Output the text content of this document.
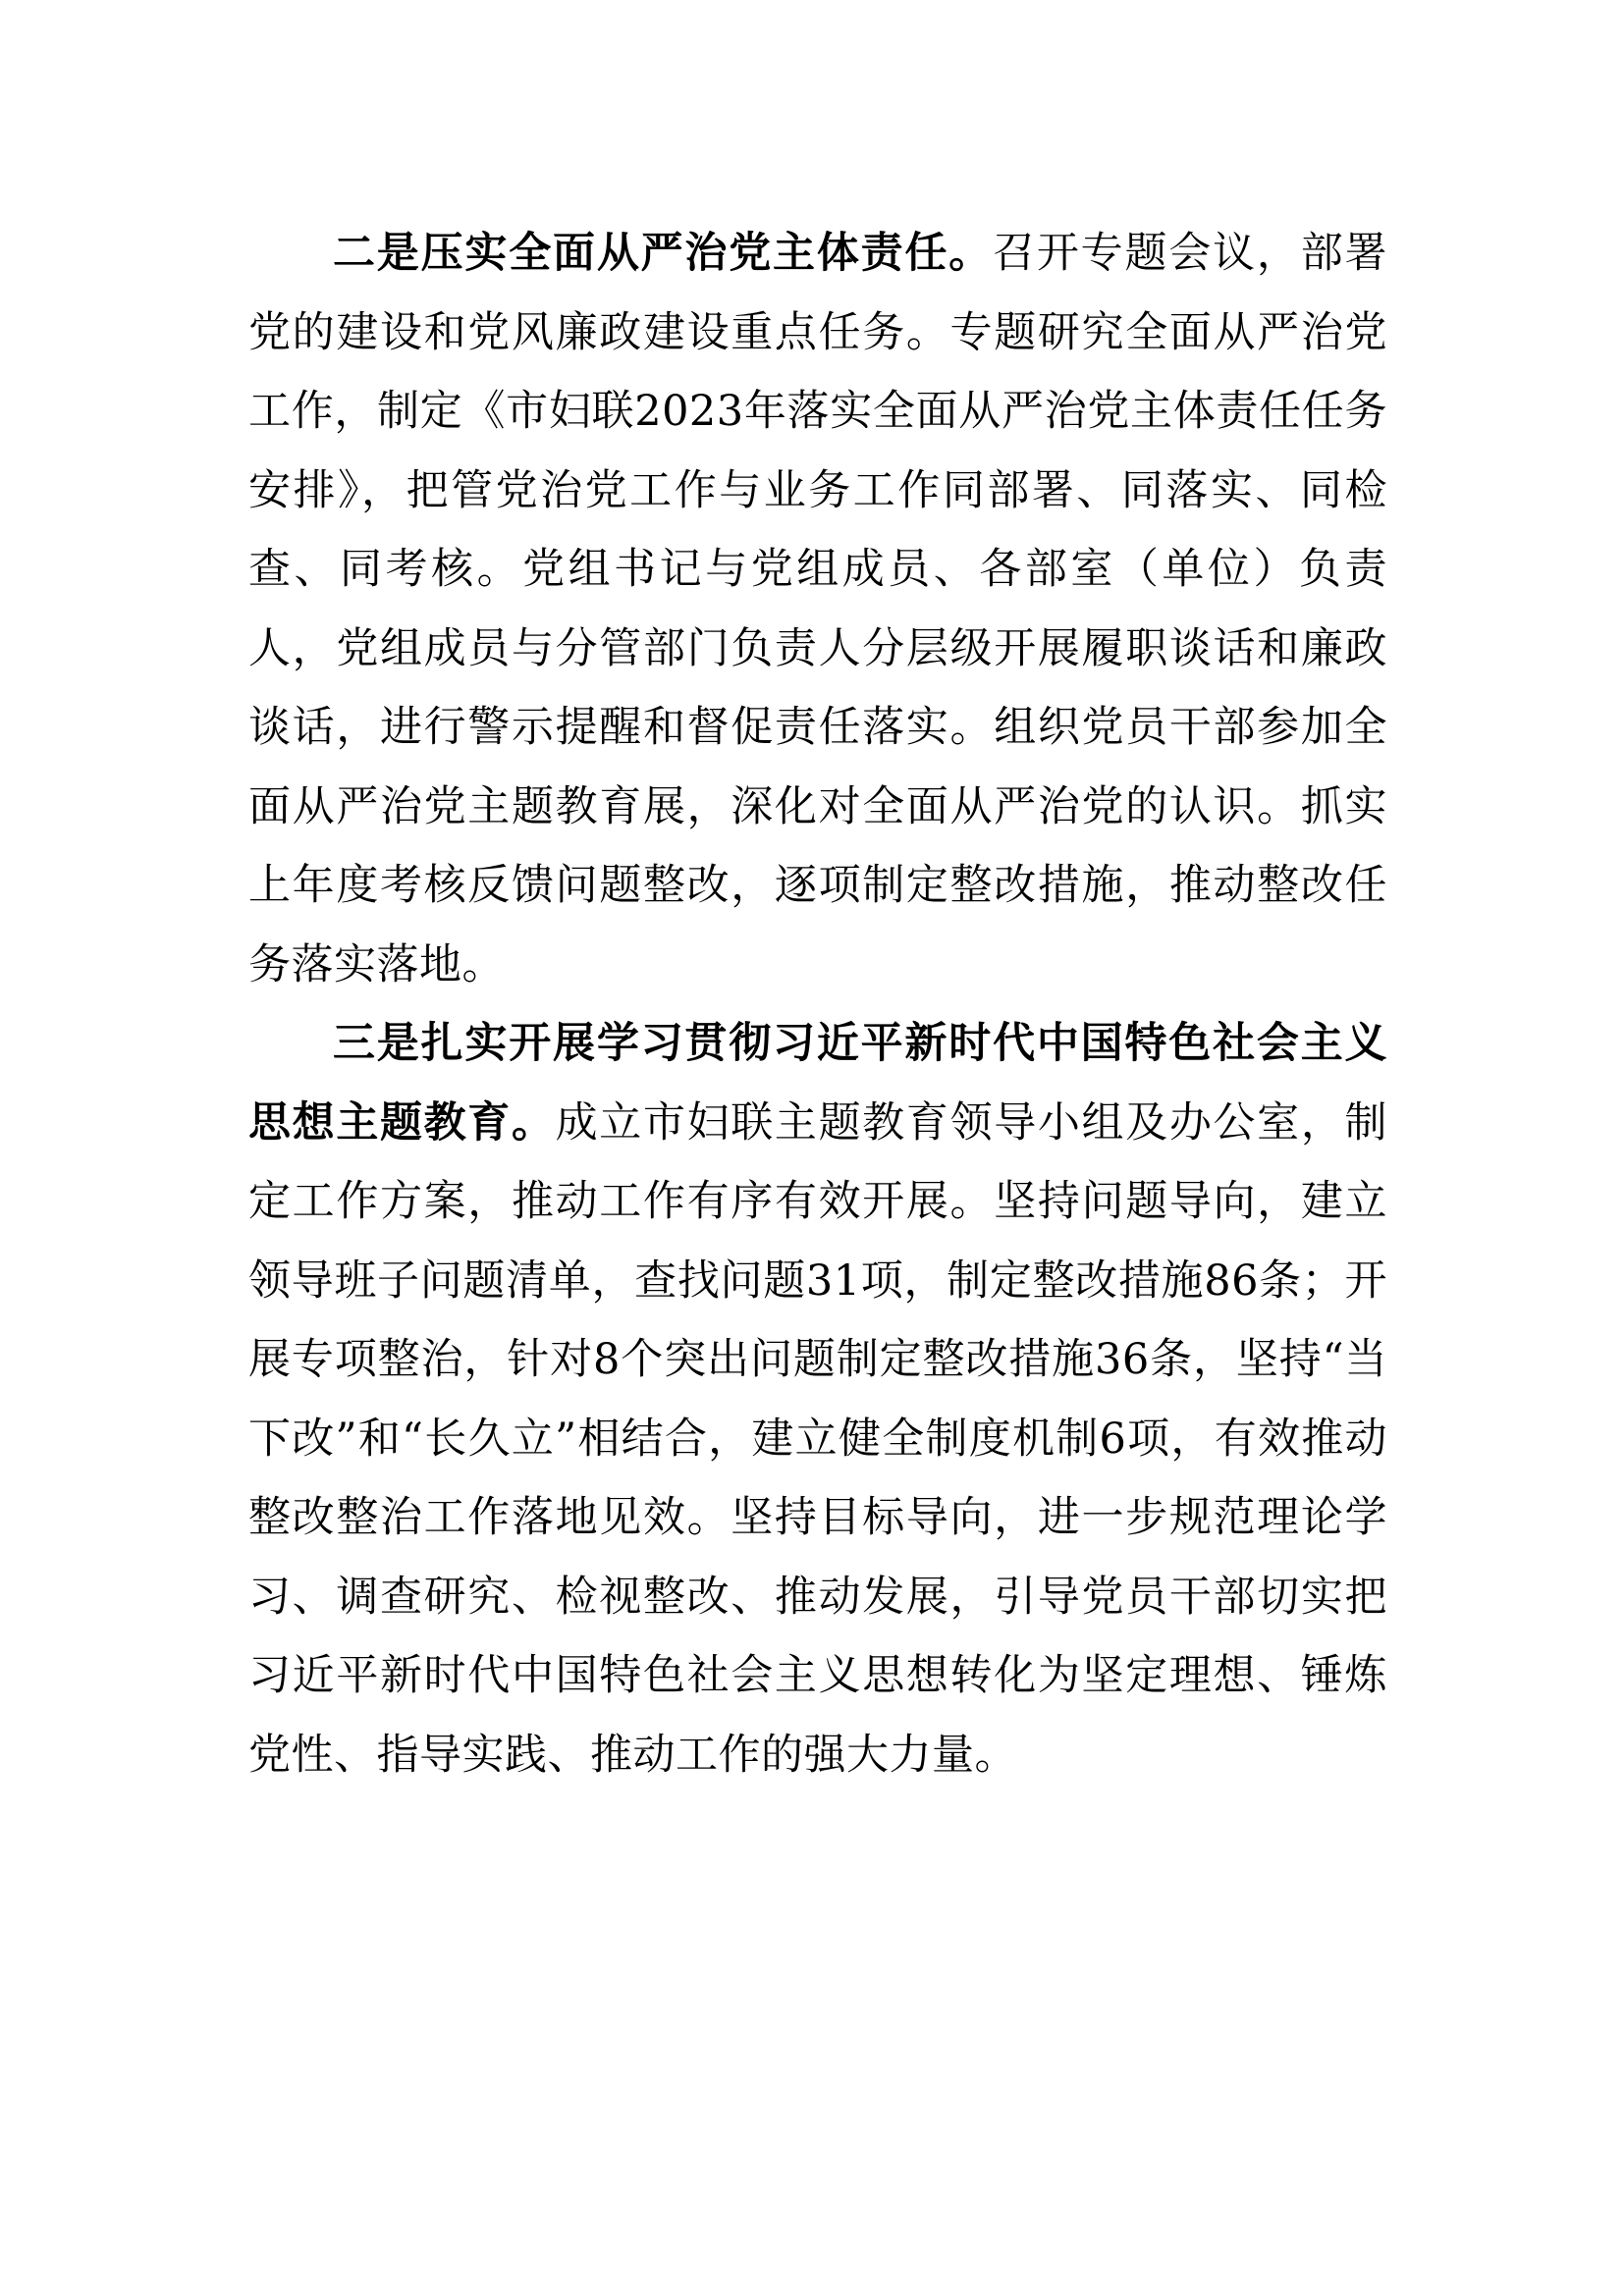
二是压实全面从严治党主体责任。召开专题会议，部署党的建设和党风廉政建设重点任务。专题研究全面从严治党工作，制定《市妇联2023年落实全面从严治党主体责任任务安排》，把管党治党工作与业务工作同部署、同落实、同检查、同考核。党组书记与党组成员、各部室（单位）负责人，党组成员与分管部门负责人分层级开展履职谈话和廉政谈话，进行警示提醒和督促责任落实。组织党员干部参加全面从严治党主题教育展，深化对全面从严治党的认识。抓实上年度考核反馈问题整改，逐项制定整改措施，推动整改任务落实落地。

三是扎实开展学习贯彻习近平新时代中国特色社会主义思想主题教育。成立市妇联主题教育领导小组及办公室，制定工作方案，推动工作有序有效开展。坚持问题导向，建立领导班子问题清单，查找问题31项，制定整改措施86条；开展专项整治，针对8个突出问题制定整改措施36条，坚持“当下改”和“长久立”相结合，建立健全制度机制6项，有效推动整改整治工作落地见效。坚持目标导向，进一步规范理论学习、调查研究、检视整改、推动发展，引导党员干部切实把习近平新时代中国特色社会主义思想转化为坚定理想、锤炼党性、指导实践、推动工作的强大力量。
